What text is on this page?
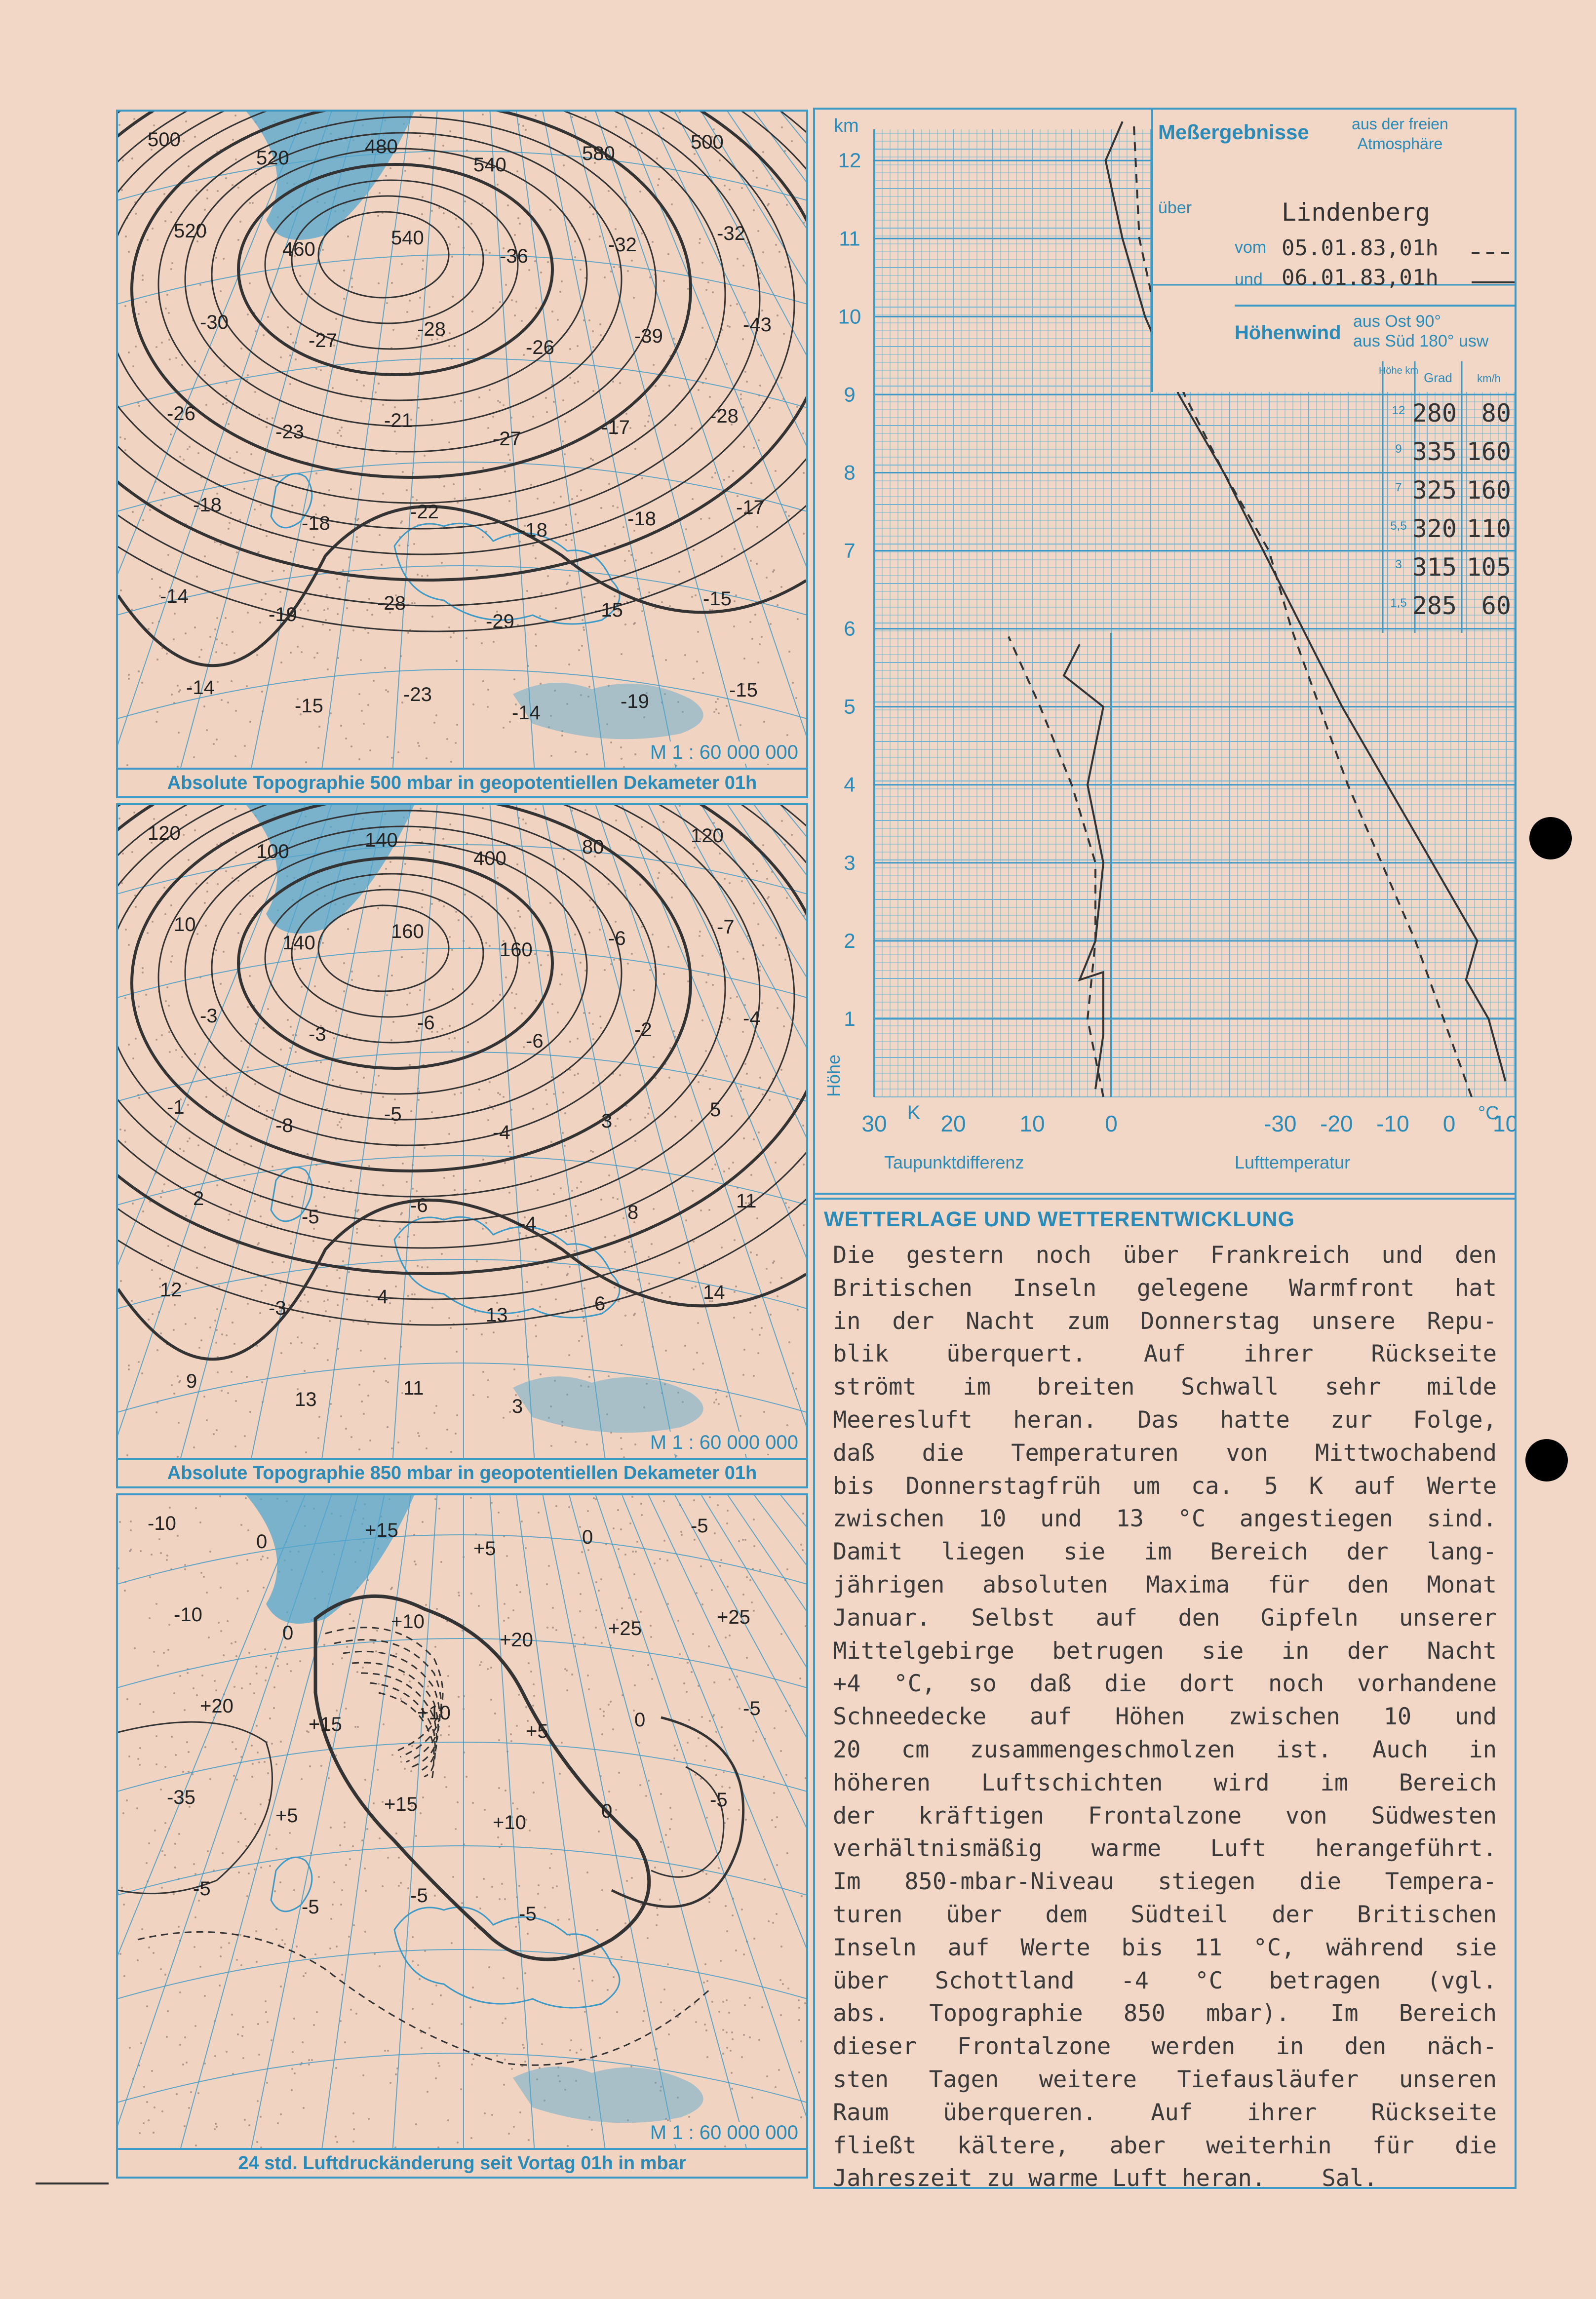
500
520
480
540
580
500
520
460
540
-36
-32
-32
-30
-27
-28
-26
-39
-43
-26
-23
-21
-27
-17
-28
-18
-18
-22
-18
-18
-17
-14
-19
-28
-29
-15
-15
-14
-15
-23
-14
-19
-15
M 1 : 60 000 000
Absolute Topographie 500 mbar in geopotentiellen Dekameter 01h
120
100
140
400
80
120
10
140
160
160
-6
-7
-3
-3
-6
-6
-2
-4
-1
-8
-5
-4
3
5
2
-5
-6
-4
8
11
12
-3
4
13
6
14
9
13
11
3
M 1 : 60 000 000
Absolute Topographie 850 mbar in geopotentiellen Dekameter 01h
-10
0
+15
+5
0
-5
-10
0
+10
+20
+25
+25
+20
+15
+10
+5
0
-5
-35
+5
+15
+10
0
-5
-5
-5
-5
-5
M 1 : 60 000 000
24 std. Luftdruckänderung seit Vortag 01h in mbar
1
2
3
4
5
6
7
8
9
10
11
12
km
Höhe
30 20 10	0	-30 -20 -10 0 10
K	°C
Meßergebnisse	aus der freien
Atmosphäre
über	Lindenberg
vom 05.01.83,01h
und 06.01.83,01h
Höhenwind
aus Ost 90°
aus Süd 180° usw
Höhe km Grad km/h
12 280 80
9 335 160
7 325 160
5,5 320 110
3 315 105
1,5 285 60
Taupunktdifferenz	Lufttemperatur
WETTERLAGE UND WETTERENTWICKLUNG
Die gestern noch über Frankreich und den
Britischen Inseln gelegene Warmfront hat
in der Nacht zum Donnerstag unsere Repu-
blik überquert. Auf ihrer Rückseite
strömt im breiten Schwall sehr milde
Meeresluft heran. Das hatte zur Folge,
daß die Temperaturen von Mittwochabend
bis Donnerstagfrüh um ca. 5 K auf Werte
zwischen 10 und 13 °C angestiegen sind.
Damit liegen sie im Bereich der lang-
jährigen absoluten Maxima für den Monat
Januar. Selbst auf den Gipfeln unserer
Mittelgebirge betrugen sie in der Nacht
+4 °C, so daß die dort noch vorhandene
Schneedecke auf Höhen zwischen 10 und
20 cm zusammengeschmolzen ist. Auch in
höheren Luftschichten wird im Bereich
der kräftigen Frontalzone von Südwesten
verhältnismäßig warme Luft herangeführt.
Im 850-mbar-Niveau stiegen die Tempera-
turen über dem Südteil der Britischen
Inseln auf Werte bis 11 °C, während sie
über Schottland -4 °C betragen (vgl.
abs. Topographie 850 mbar). Im Bereich
dieser Frontalzone werden in den näch-
sten Tagen weitere Tiefausläufer unseren
Raum überqueren. Auf ihrer Rückseite
fließt kältere, aber weiterhin für die
Jahreszeit zu warme Luft heran.    Sal.
